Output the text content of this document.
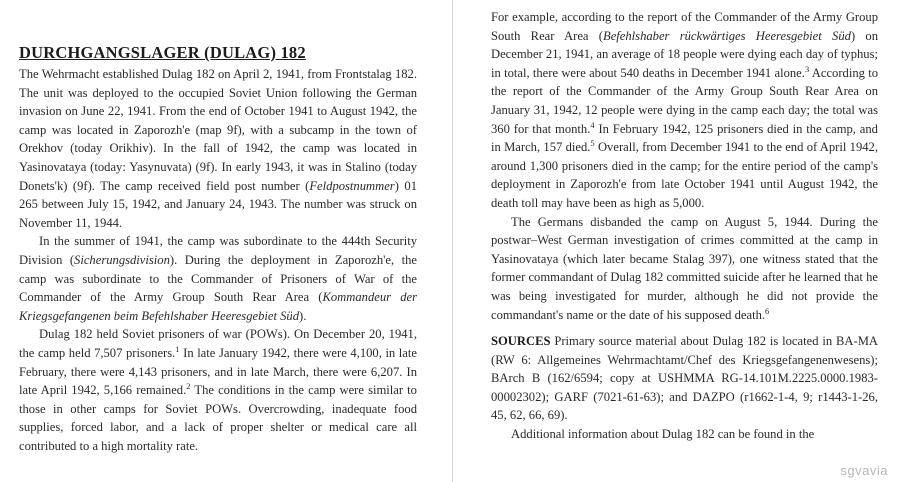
DURCHGANGSLAGER (DULAG) 182

The Wehrmacht established Dulag 182 on April 2, 1941, from Frontstalag 182. The unit was deployed to the occupied Soviet Union following the German invasion on June 22, 1941. From the end of October 1941 to August 1942, the camp was located in Zaporozh'e (map 9f), with a subcamp in the town of Orekhov (today Orikhiv). In the fall of 1942, the camp was located in Yasinovataya (today: Yasynuvata) (9f). In early 1943, it was in Stalino (today Donets'k) (9f). The camp received field post number (Feldpostnummer) 01 265 between July 15, 1942, and January 24, 1943. The number was struck on November 11, 1944.

In the summer of 1941, the camp was subordinate to the 444th Security Division (Sicherungsdivision). During the deployment in Zaporozh'e, the camp was subordinate to the Commander of Prisoners of War of the Commander of the Army Group South Rear Area (Kommandeur der Kriegsgefangenen beim Befehlshaber Heeresgebiet Süd).

Dulag 182 held Soviet prisoners of war (POWs). On December 20, 1941, the camp held 7,507 prisoners.$^1$ In late January 1942, there were 4,100, in late February, there were 4,143 prisoners, and in late March, there were 6,207. In late April 1942, 5,166 remained.$^2$ The conditions in the camp were similar to those in other camps for Soviet POWs. Overcrowding, inadequate food supplies, forced labor, and a lack of proper shelter or medical care all contributed to a high mortality rate.

For example, according to the report of the Commander of the Army Group South Rear Area (Befehlshaber rückwärtiges Heeresgebiet Süd) on December 21, 1941, an average of 18 people were dying each day of typhus; in total, there were about 540 deaths in December 1941 alone.$^3$ According to the report of the Commander of the Army Group South Rear Area on January 31, 1942, 12 people were dying in the camp each day; the total was 360 for that month.$^4$ In February 1942, 125 prisoners died in the camp, and in March, 157 died.$^5$ Overall, from December 1941 to the end of April 1942, around 1,300 prisoners died in the camp; for the entire period of the camp's deployment in Zaporozh'e from late October 1941 until August 1942, the death toll may have been as high as 5,000.

The Germans disbanded the camp on August 5, 1944. During the postwar–West German investigation of crimes committed at the camp in Yasinovataya (which later became Stalag 397), one witness stated that the former commandant of Dulag 182 committed suicide after he learned that he was being investigated for murder, although he did not provide the commandant's name or the date of his supposed death.$^6$

SOURCES Primary source material about Dulag 182 is located in BA-MA (RW 6: Allgemeines Wehrmachtamt/Chef des Kriegsgefangenenwesens); BArch B (162/6594; copy at USHMMA RG-14.101M.2225.0000.1983-00002302); GARF (7021-61-63); and DAZPO (r1662-1-4, 9; r1443-1-26, 45, 62, 66, 69).

Additional information about Dulag 182 can be found in the

sgvavia
